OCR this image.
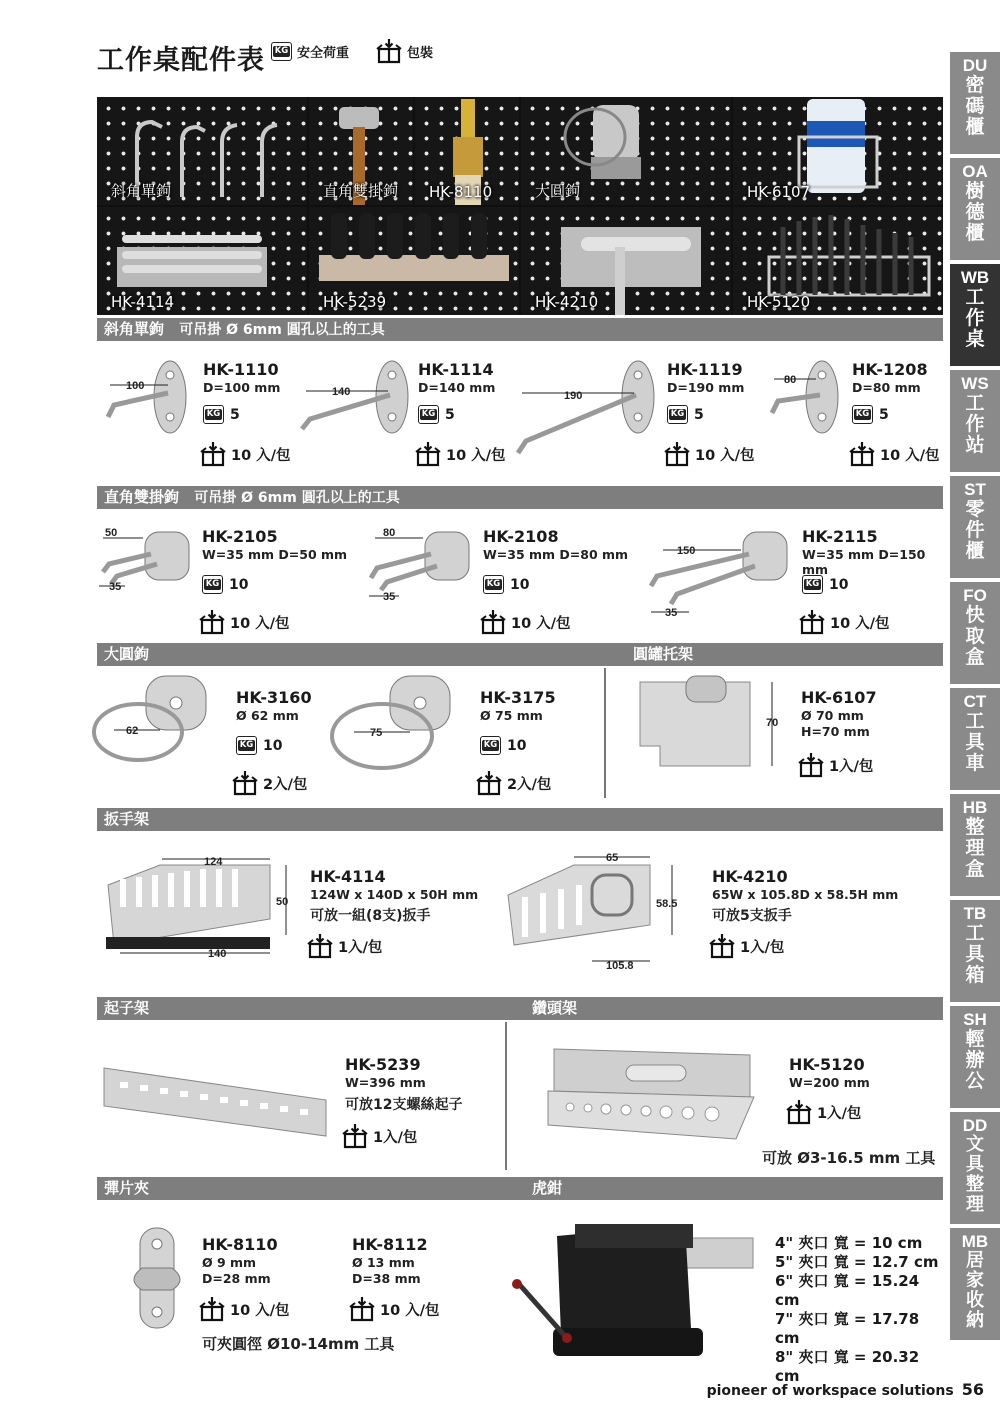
工作桌配件表 KG 安全荷重	包裝
斜角單鉤	直角雙掛鉤 HK-8110	大圓鉤	HK-6107
HK-4114	HK-5239	HK-4210	HK-5120
斜角單鉤 可吊掛 Ø 6mm 圓孔以上的工具
100
HK-1110
D=100 mm
KG 5
10 入/包
140
HK-1114
D=140 mm
KG 5
10 入/包
190
HK-1119
D=190 mm
KG 5
10 入/包
80
HK-1208
D=80 mm
KG 5
10 入/包
直角雙掛鉤 可吊掛 Ø 6mm 圓孔以上的工具
50
35
HK-2105
W=35 mm D=50 mm
KG 10
10 入/包
80
35
HK-2108
W=35 mm D=80 mm
KG 10
10 入/包
150
35
HK-2115
W=35 mm D=150 mm
KG 10
10 入/包
大圓鉤	圓罐托架
62
HK-3160
Ø 62 mm
KG 10
2入/包
75
HK-3175
Ø 75 mm
KG 10
2入/包
70
HK-6107
Ø 70 mm
H=70 mm
1入/包
扳手架
124
140
50
HK-4114
124W x 140D x 50H mm
可放一組(8支)扳手
1入/包
65
105.8
58.5
HK-4210
65W x 105.8D x 58.5H mm
可放5支扳手
1入/包
起子架	鑽頭架
HK-5239
W=396 mm
可放12支螺絲起子
1入/包
HK-5120
W=200 mm
1入/包
可放 Ø3-16.5 mm 工具
彈片夾	虎鉗
HK-8110
Ø 9 mm
D=28 mm
10 入/包
HK-8112
Ø 13 mm
D=38 mm
10 入/包
可夾圓徑 Ø10-14mm 工具
4" 夾口 寬 = 10 cm
5" 夾口 寬 = 12.7 cm
6" 夾口 寬 = 15.24 cm
7" 夾口 寬 = 17.78 cm
8" 夾口 寬 = 20.32 cm
DU
密碼櫃
OA
樹德櫃
WB
工作桌
WS
工作站
ST
零件櫃
FO
快取盒
CT
工具車
HB
整理盒
TB
工具箱
SH
輕辦公
DD
文具整理
MB
居家收納
pioneer of workspace solutions 56
